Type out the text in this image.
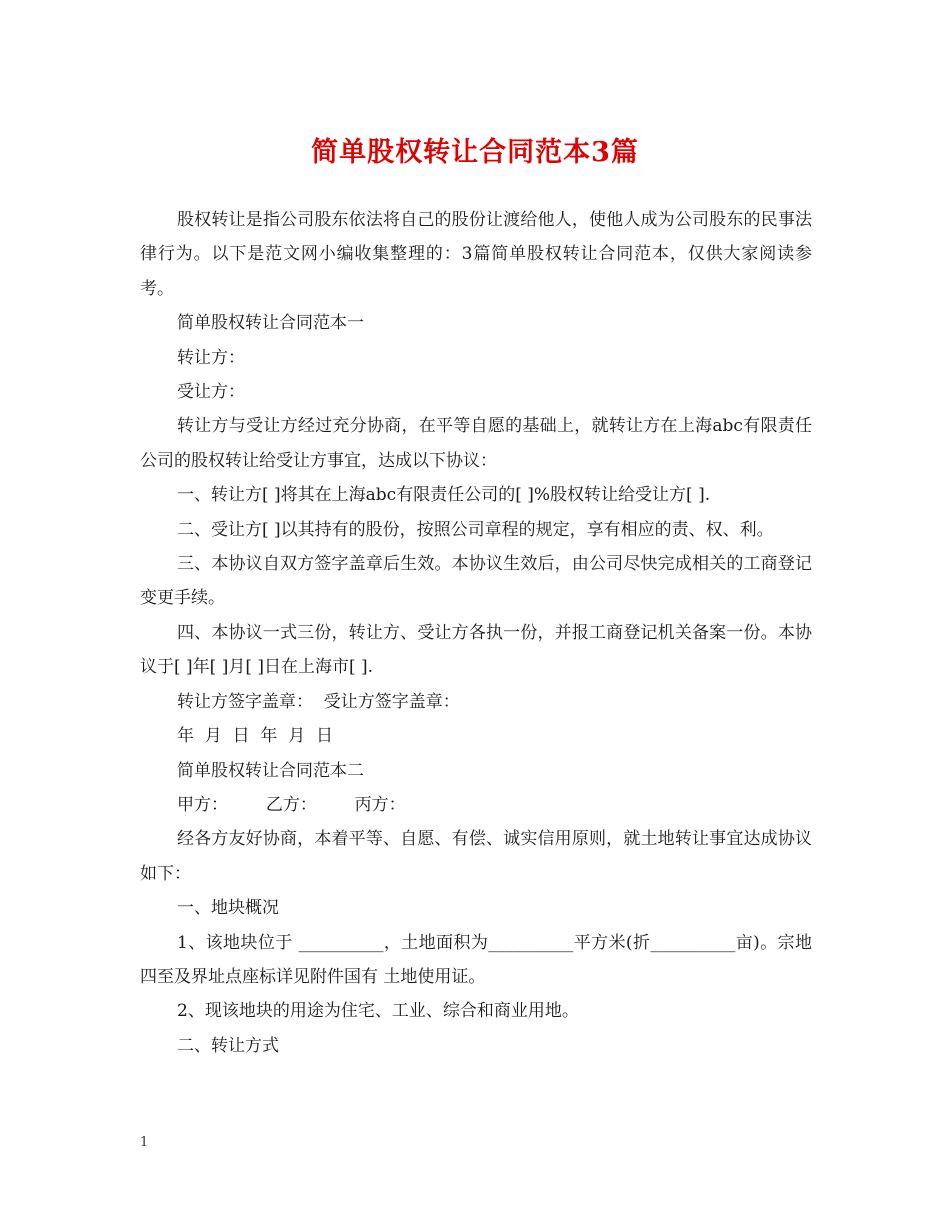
简单股权转让合同范本3篇

股权转让是指公司股东依法将自己的股份让渡给他人，使他人成为公司股东的民事法律行为。以下是范文网小编收集整理的：3篇简单股权转让合同范本，仅供大家阅读参考。

简单股权转让合同范本一

转让方：

受让方：

转让方与受让方经过充分协商，在平等自愿的基础上，就转让方在上海abc有限责任公司的股权转让给受让方事宜，达成以下协议：

一、转让方[ ]将其在上海abc有限责任公司的[ ]%股权转让给受让方[ ].

二、受让方[ ]以其持有的股份，按照公司章程的规定，享有相应的责、权、利。

三、本协议自双方签字盖章后生效。本协议生效后，由公司尽快完成相关的工商登记变更手续。

四、本协议一式三份，转让方、受让方各执一份，并报工商登记机关备案一份。本协议于[ ]年[ ]月[ ]日在上海市[ ].

转让方签字盖章：  受让方签字盖章：

年  月  日  年  月  日

简单股权转让合同范本二

甲方：       乙方：       丙方：

经各方友好协商，本着平等、自愿、有偿、诚实信用原则，就土地转让事宜达成协议如下：

一、地块概况

1、该地块位于 __________，土地面积为__________平方米(折__________亩)。宗地四至及界址点座标详见附件国有 土地使用证。

2、现该地块的用途为住宅、工业、综合和商业用地。

二、转让方式

1
